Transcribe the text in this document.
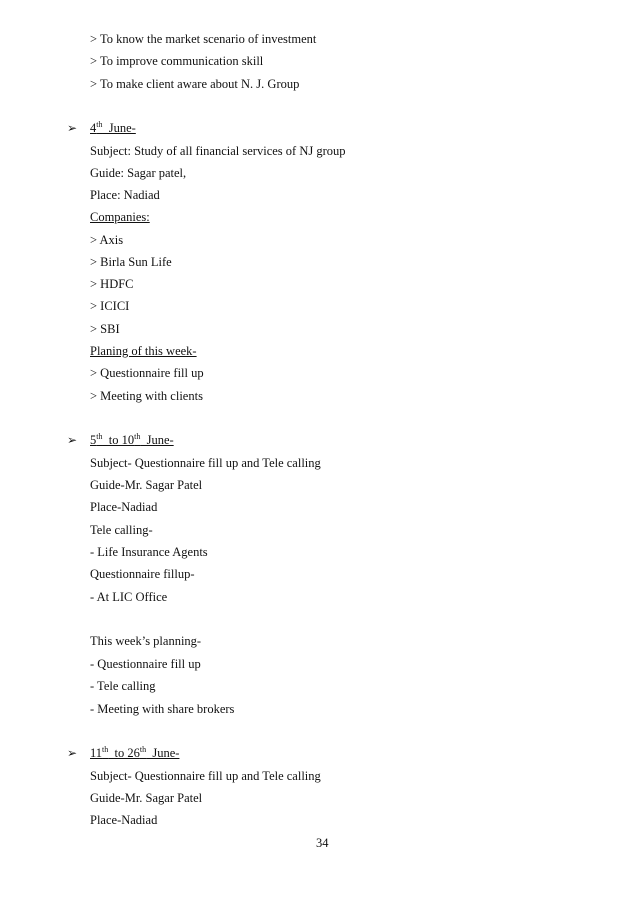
> To know the market scenario of investment
> To improve communication skill
> To make client aware about N. J. Group
➢ 4th  June-
Subject: Study of all financial services of NJ group
Guide: Sagar patel,
Place: Nadiad
Companies:
> Axis
> Birla Sun Life
> HDFC
> ICICI
> SBI
Planing of this week-
> Questionnaire fill up
> Meeting with clients
➢ 5th  to 10th  June-
Subject- Questionnaire fill up and Tele calling
Guide-Mr. Sagar Patel
Place-Nadiad
Tele calling-
- Life Insurance Agents
Questionnaire fillup-
- At LIC Office
This week’s planning-
- Questionnaire fill up
- Tele calling
- Meeting with share brokers
➢ 11th  to 26th  June-
Subject- Questionnaire fill up and Tele calling
Guide-Mr. Sagar Patel
Place-Nadiad
34
